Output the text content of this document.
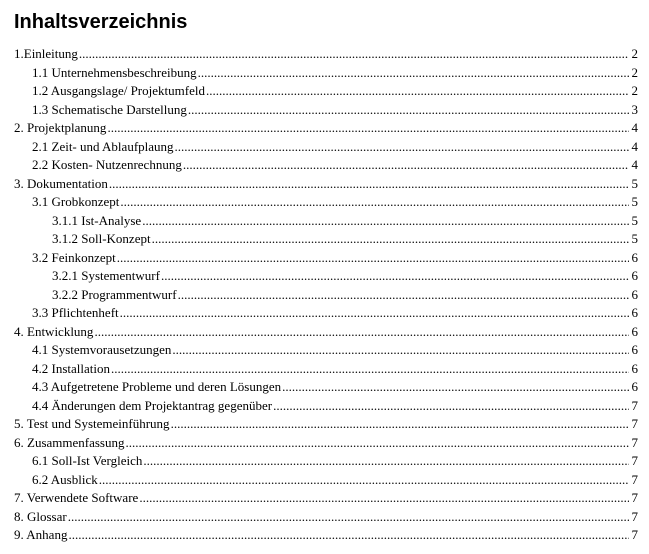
Inhaltsverzeichnis
1.Einleitung .....	2
1.1 Unternehmensbeschreibung .....	2
1.2 Ausgangslage/ Projektumfeld .....	2
1.3 Schematische Darstellung .....	3
2. Projektplanung .....	4
2.1 Zeit- und Ablaufplaung .....	4
2.2 Kosten- Nutzenrechnung .....	4
3. Dokumentation .....	5
3.1 Grobkonzept .....	5
3.1.1 Ist-Analyse .....	5
3.1.2 Soll-Konzept .....	5
3.2 Feinkonzept .....	6
3.2.1 Systementwurf .....	6
3.2.2 Programmentwurf .....	6
3.3 Pflichtenheft .....	6
4. Entwicklung .....	6
4.1 Systemvorausetzungen .....	6
4.2 Installation .....	6
4.3 Aufgetretene Probleme und deren Lösungen .....	6
4.4 Änderungen dem Projektantrag gegenüber .....	7
5. Test und Systemeinführung .....	7
6. Zusammenfassung .....	7
6.1 Soll-Ist Vergleich .....	7
6.2 Ausblick .....	7
7. Verwendete Software .....	7
8. Glossar .....	7
9. Anhang .....	7
